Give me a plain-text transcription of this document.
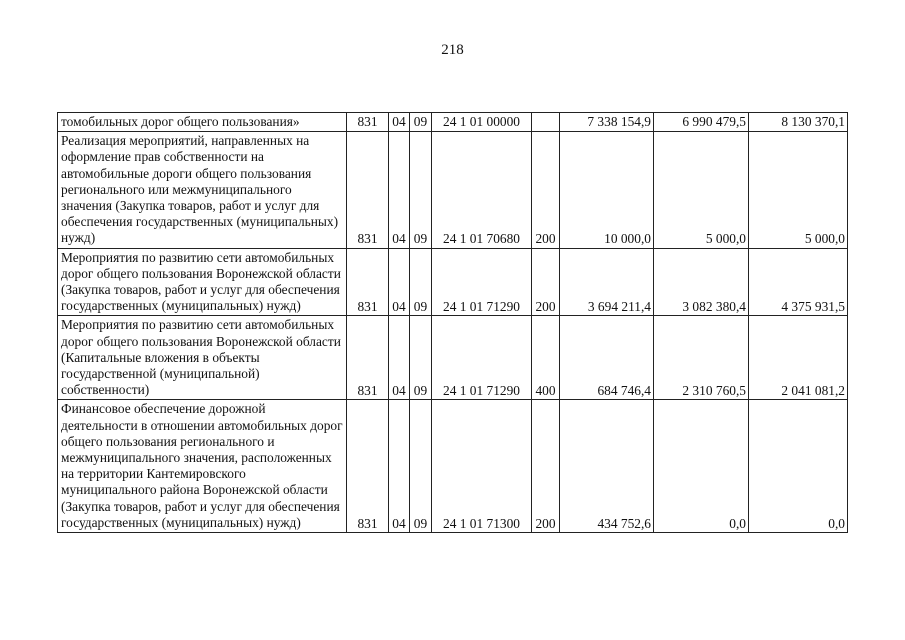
218
томобильных дорог общего пользования»	831	04	09	24 1 01 00000		7 338 154,9	6 990 479,5	8 130 370,1
Реализация мероприятий, направленных на оформление прав собственности на автомобильные дороги общего пользования регионального или межмуниципального значения (Закупка товаров, работ и услуг для обеспечения государственных (муниципальных) нужд)	831	04	09	24 1 01 70680	200	10 000,0	5 000,0	5 000,0
Мероприятия по развитию сети автомобильных дорог общего пользования Воронежской области (Закупка товаров, работ и услуг для обеспечения государственных (муниципальных) нужд)	831	04	09	24 1 01 71290	200	3 694 211,4	3 082 380,4	4 375 931,5
Мероприятия по развитию сети автомобильных дорог общего пользования Воронежской области (Капитальные вложения в объекты государственной (муниципальной) собственности)	831	04	09	24 1 01 71290	400	684 746,4	2 310 760,5	2 041 081,2
Финансовое обеспечение дорожной деятельности в отношении автомобильных дорог общего пользования регионального и межмуниципального значения, расположенных на территории Кантемировского муниципального района Воронежской области (Закупка товаров, работ и услуг для обеспечения государственных (муниципальных) нужд)	831	04	09	24 1 01 71300	200	434 752,6	0,0	0,0
